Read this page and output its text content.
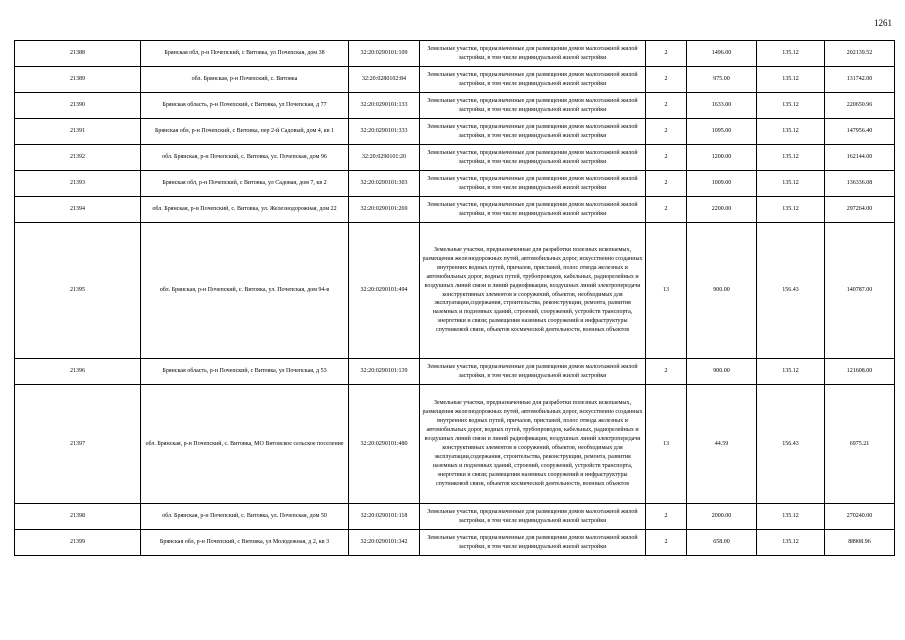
1261
21388	Брянская обл, р-н Почепский, с Витовка, ул Почепская, дом 38	32:20:0290101:109	Земельные участки, предназначенные для размещения домов малоэтажной жилой застройки, в том числе индивидуальной жилой застройки	2	1496.00	135.12	202139.52
21389	обл. Брянская, р-н Почепский, с. Витовка	32:20:0280102:84	Земельные участки, предназначенные для размещения домов малоэтажной жилой застройки, в том числе индивидуальной жилой застройки	2	975.00	135.12	131742.00
21390	Брянская область, р-н Почепский, с Витовка, ул Почепская, д 77	32:20:0290101:133	Земельные участки, предназначенные для размещения домов малоэтажной жилой застройки, в том числе индивидуальной жилой застройки	2	1633.00	135.12	220650.96
21391	Брянская обл, р-н Почепский, с Витовка, пер 2-й Садовый, дом 4, кв 1	32:20:0290101:333	Земельные участки, предназначенные для размещения домов малоэтажной жилой застройки, в том числе индивидуальной жилой застройки	2	1095.00	135.12	147956.40
21392	обл. Брянская, р-н Почепский, с. Витовка, ул. Почепская, дом 96	32:20:0290101:20	Земельные участки, предназначенные для размещения домов малоэтажной жилой застройки, в том числе индивидуальной жилой застройки	2	1200.00	135.12	162144.00
21393	Брянская обл, р-н Почепский, с Витовка, ул Садовая, дом 7, кв 2	32:20:0290101:303	Земельные участки, предназначенные для размещения домов малоэтажной жилой застройки, в том числе индивидуальной жилой застройки	2	1009.00	135.12	136336.08
21394	обл. Брянская, р-н Почепский, с. Витовка, ул. Железнодорожная, дом 22	32:20:0290101:269	Земельные участки, предназначенные для размещения домов малоэтажной жилой застройки, в том числе индивидуальной жилой застройки	2	2200.00	135.12	297264.00
21395	обл. Брянская, р-н Почепский, с. Витовка, ул. Почепская, дом 94-в	32:20:0290101:494	Земельные участки, предназначенные для разработки полезных ископаемых, размещения железнодорожных путей, автомобильных дорог, искусственно созданных внутренних водных путей, причалов, пристаней, полос отвода железных и автомобильных дорог, водных путей, трубопроводов, кабельных, радиорелейных и воздушных линий связи и линий радиофикации, воздушных линий электропередачи конструктивных элементов и сооружений, объектов, необходимых для эксплуатации,содержания, строительства, реконструкции, ремонта, развития наземных и подземных зданий, строений, сооружений, устройств транспорта, энергетики и связи; размещения наземных сооружений и инфраструктуры спутниковой связи, объектов космической деятельности, военных объектов	13	900.00	156.43	140787.00
21396	Брянская область, р-н Почепский, с Витовка, ул Почепская, д 53	32:20:0290101:139	Земельные участки, предназначенные для размещения домов малоэтажной жилой застройки, в том числе индивидуальной жилой застройки	2	900.00	135.12	121608.00
21397	обл. Брянская, р-н Почепский, с. Витовка, МО Витовское сельское поселение	32:20:0290101:480	Земельные участки, предназначенные для разработки полезных ископаемых, размещения железнодорожных путей, автомобильных дорог, искусственно созданных внутренних водных путей, причалов, пристаней, полос отвода железных и автомобильных дорог, водных путей, трубопроводов, кабельных, радиорелейных и воздушных линий связи и линий радиофикации, воздушных линий электропередачи конструктивных элементов и сооружений, объектов, необходимых для эксплуатации,содержания, строительства, реконструкции, ремонта, развития наземных и подземных зданий, строений, сооружений, устройств транспорта, энергетики и связи; размещения наземных сооружений и инфраструктуры спутниковой связи, объектов космической деятельности, военных объектов	13	44.59	156.43	6975.21
21398	обл. Брянская, р-н Почепский, с. Витовка, ул. Почепская, дом 50	32:20:0290101:118	Земельные участки, предназначенные для размещения домов малоэтажной жилой застройки, в том числе индивидуальной жилой застройки	2	2000.00	135.12	270240.00
21399	Брянская обл, р-н Почепский, с Витовка, ул Молодежная, д 2, кв 3	32:20:0290101:342	Земельные участки, предназначенные для размещения домов малоэтажной жилой застройки, в том числе индивидуальной жилой застройки	2	658.00	135.12	88908.96
